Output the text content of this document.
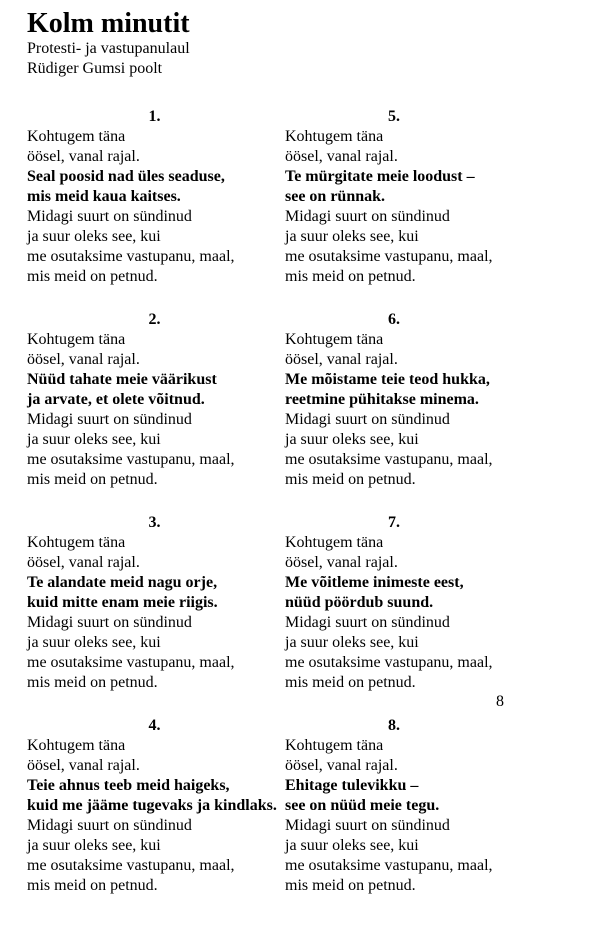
Kolm minutit
Protesti- ja vastupanulaul
Rüdiger Gumsi poolt
1.
Kohtugem täna
öösel, vanal rajal.
Seal poosid nad üles seaduse,
mis meid kaua kaitses.
Midagi suurt on sündinud
ja suur oleks see, kui
me osutaksime vastupanu, maal,
mis meid on petnud.
2.
Kohtugem täna
öösel, vanal rajal.
Nüüd tahate meie väärikust
ja arvate, et olete võitnud.
Midagi suurt on sündinud
ja suur oleks see, kui
me osutaksime vastupanu, maal,
mis meid on petnud.
3.
Kohtugem täna
öösel, vanal rajal.
Te alandate meid nagu orje,
kuid mitte enam meie riigis.
Midagi suurt on sündinud
ja suur oleks see, kui
me osutaksime vastupanu, maal,
mis meid on petnud.
4.
Kohtugem täna
öösel, vanal rajal.
Teie ahnus teeb meid haigeks,
kuid me jääme tugevaks ja kindlaks.
Midagi suurt on sündinud
ja suur oleks see, kui
me osutaksime vastupanu, maal,
mis meid on petnud.
5.
Kohtugem täna
öösel, vanal rajal.
Te mürgitate meie loodust –
see on rünnak.
Midagi suurt on sündinud
ja suur oleks see, kui
me osutaksime vastupanu, maal,
mis meid on petnud.
6.
Kohtugem täna
öösel, vanal rajal.
Me mõistame teie teod hukka,
reetmine pühitakse minema.
Midagi suurt on sündinud
ja suur oleks see, kui
me osutaksime vastupanu, maal,
mis meid on petnud.
7.
Kohtugem täna
öösel, vanal rajal.
Me võitleme inimeste eest,
nüüd pöördub suund.
Midagi suurt on sündinud
ja suur oleks see, kui
me osutaksime vastupanu, maal,
mis meid on petnud.
8
8.
Kohtugem täna
öösel, vanal rajal.
Ehitage tulevikku –
see on nüüd meie tegu.
Midagi suurt on sündinud
ja suur oleks see, kui
me osutaksime vastupanu, maal,
mis meid on petnud.
